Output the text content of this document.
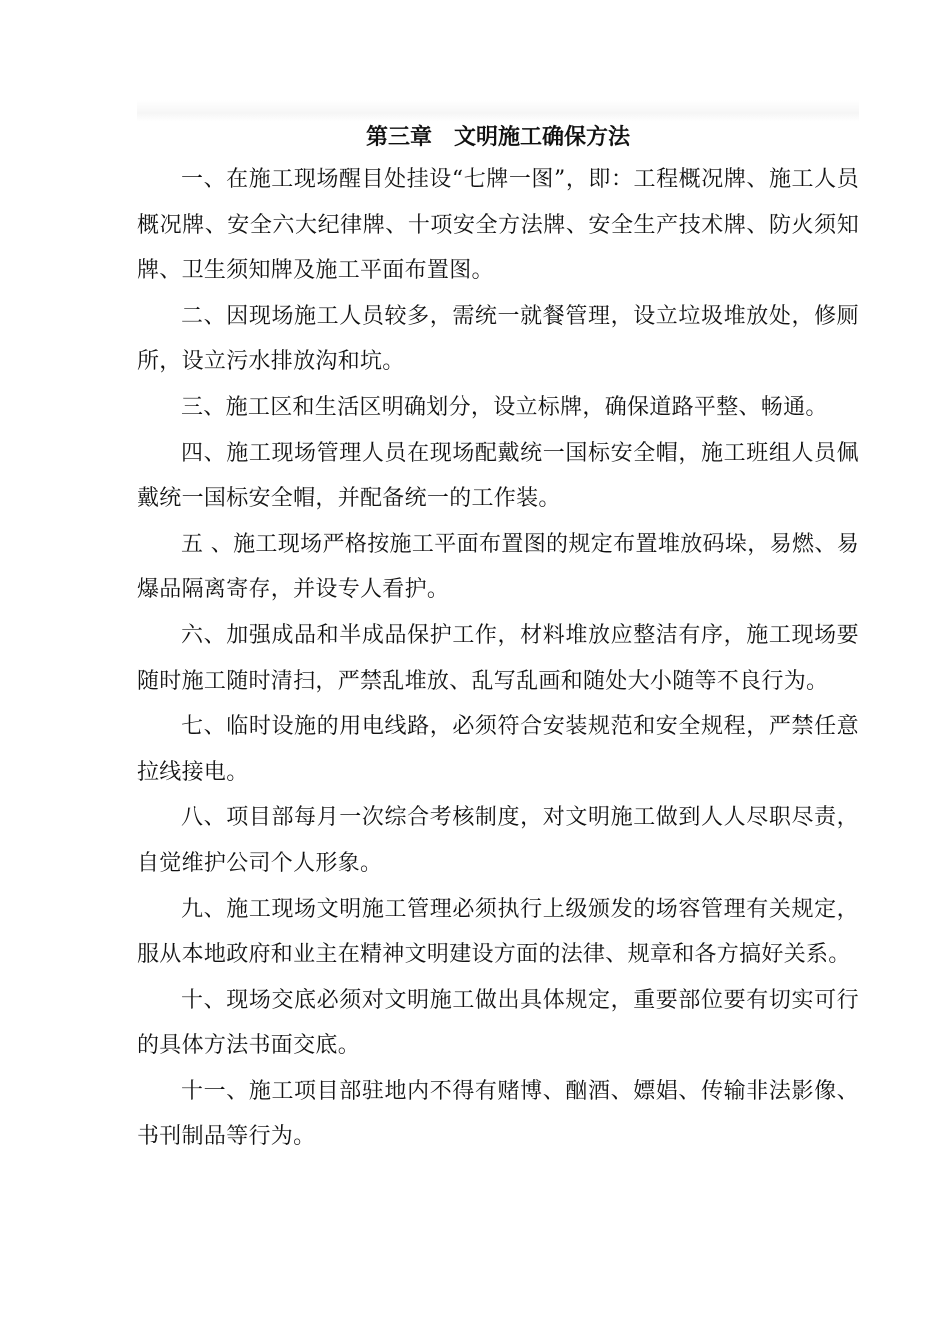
第三章　文明施工确保方法

一、在施工现场醒目处挂设“七牌一图”，即：工程概况牌、施工人员概况牌、安全六大纪律牌、十项安全方法牌、安全生产技术牌、防火须知牌、卫生须知牌及施工平面布置图。

二、因现场施工人员较多，需统一就餐管理，设立垃圾堆放处，修厕所，设立污水排放沟和坑。

三、施工区和生活区明确划分，设立标牌，确保道路平整、畅通。

四、施工现场管理人员在现场配戴统一国标安全帽，施工班组人员佩戴统一国标安全帽，并配备统一的工作装。

五 、施工现场严格按施工平面布置图的规定布置堆放码垛，易燃、易爆品隔离寄存，并设专人看护。

六、加强成品和半成品保护工作，材料堆放应整洁有序，施工现场要随时施工随时清扫，严禁乱堆放、乱写乱画和随处大小随等不良行为。

七、临时设施的用电线路，必须符合安装规范和安全规程，严禁任意拉线接电。

八、项目部每月一次综合考核制度，对文明施工做到人人尽职尽责，自觉维护公司个人形象。

九、施工现场文明施工管理必须执行上级颁发的场容管理有关规定，服从本地政府和业主在精神文明建设方面的法律、规章和各方搞好关系。

十、现场交底必须对文明施工做出具体规定，重要部位要有切实可行的具体方法书面交底。

十一、施工项目部驻地内不得有赌博、酗酒、嫖娼、传输非法影像、书刊制品等行为。
